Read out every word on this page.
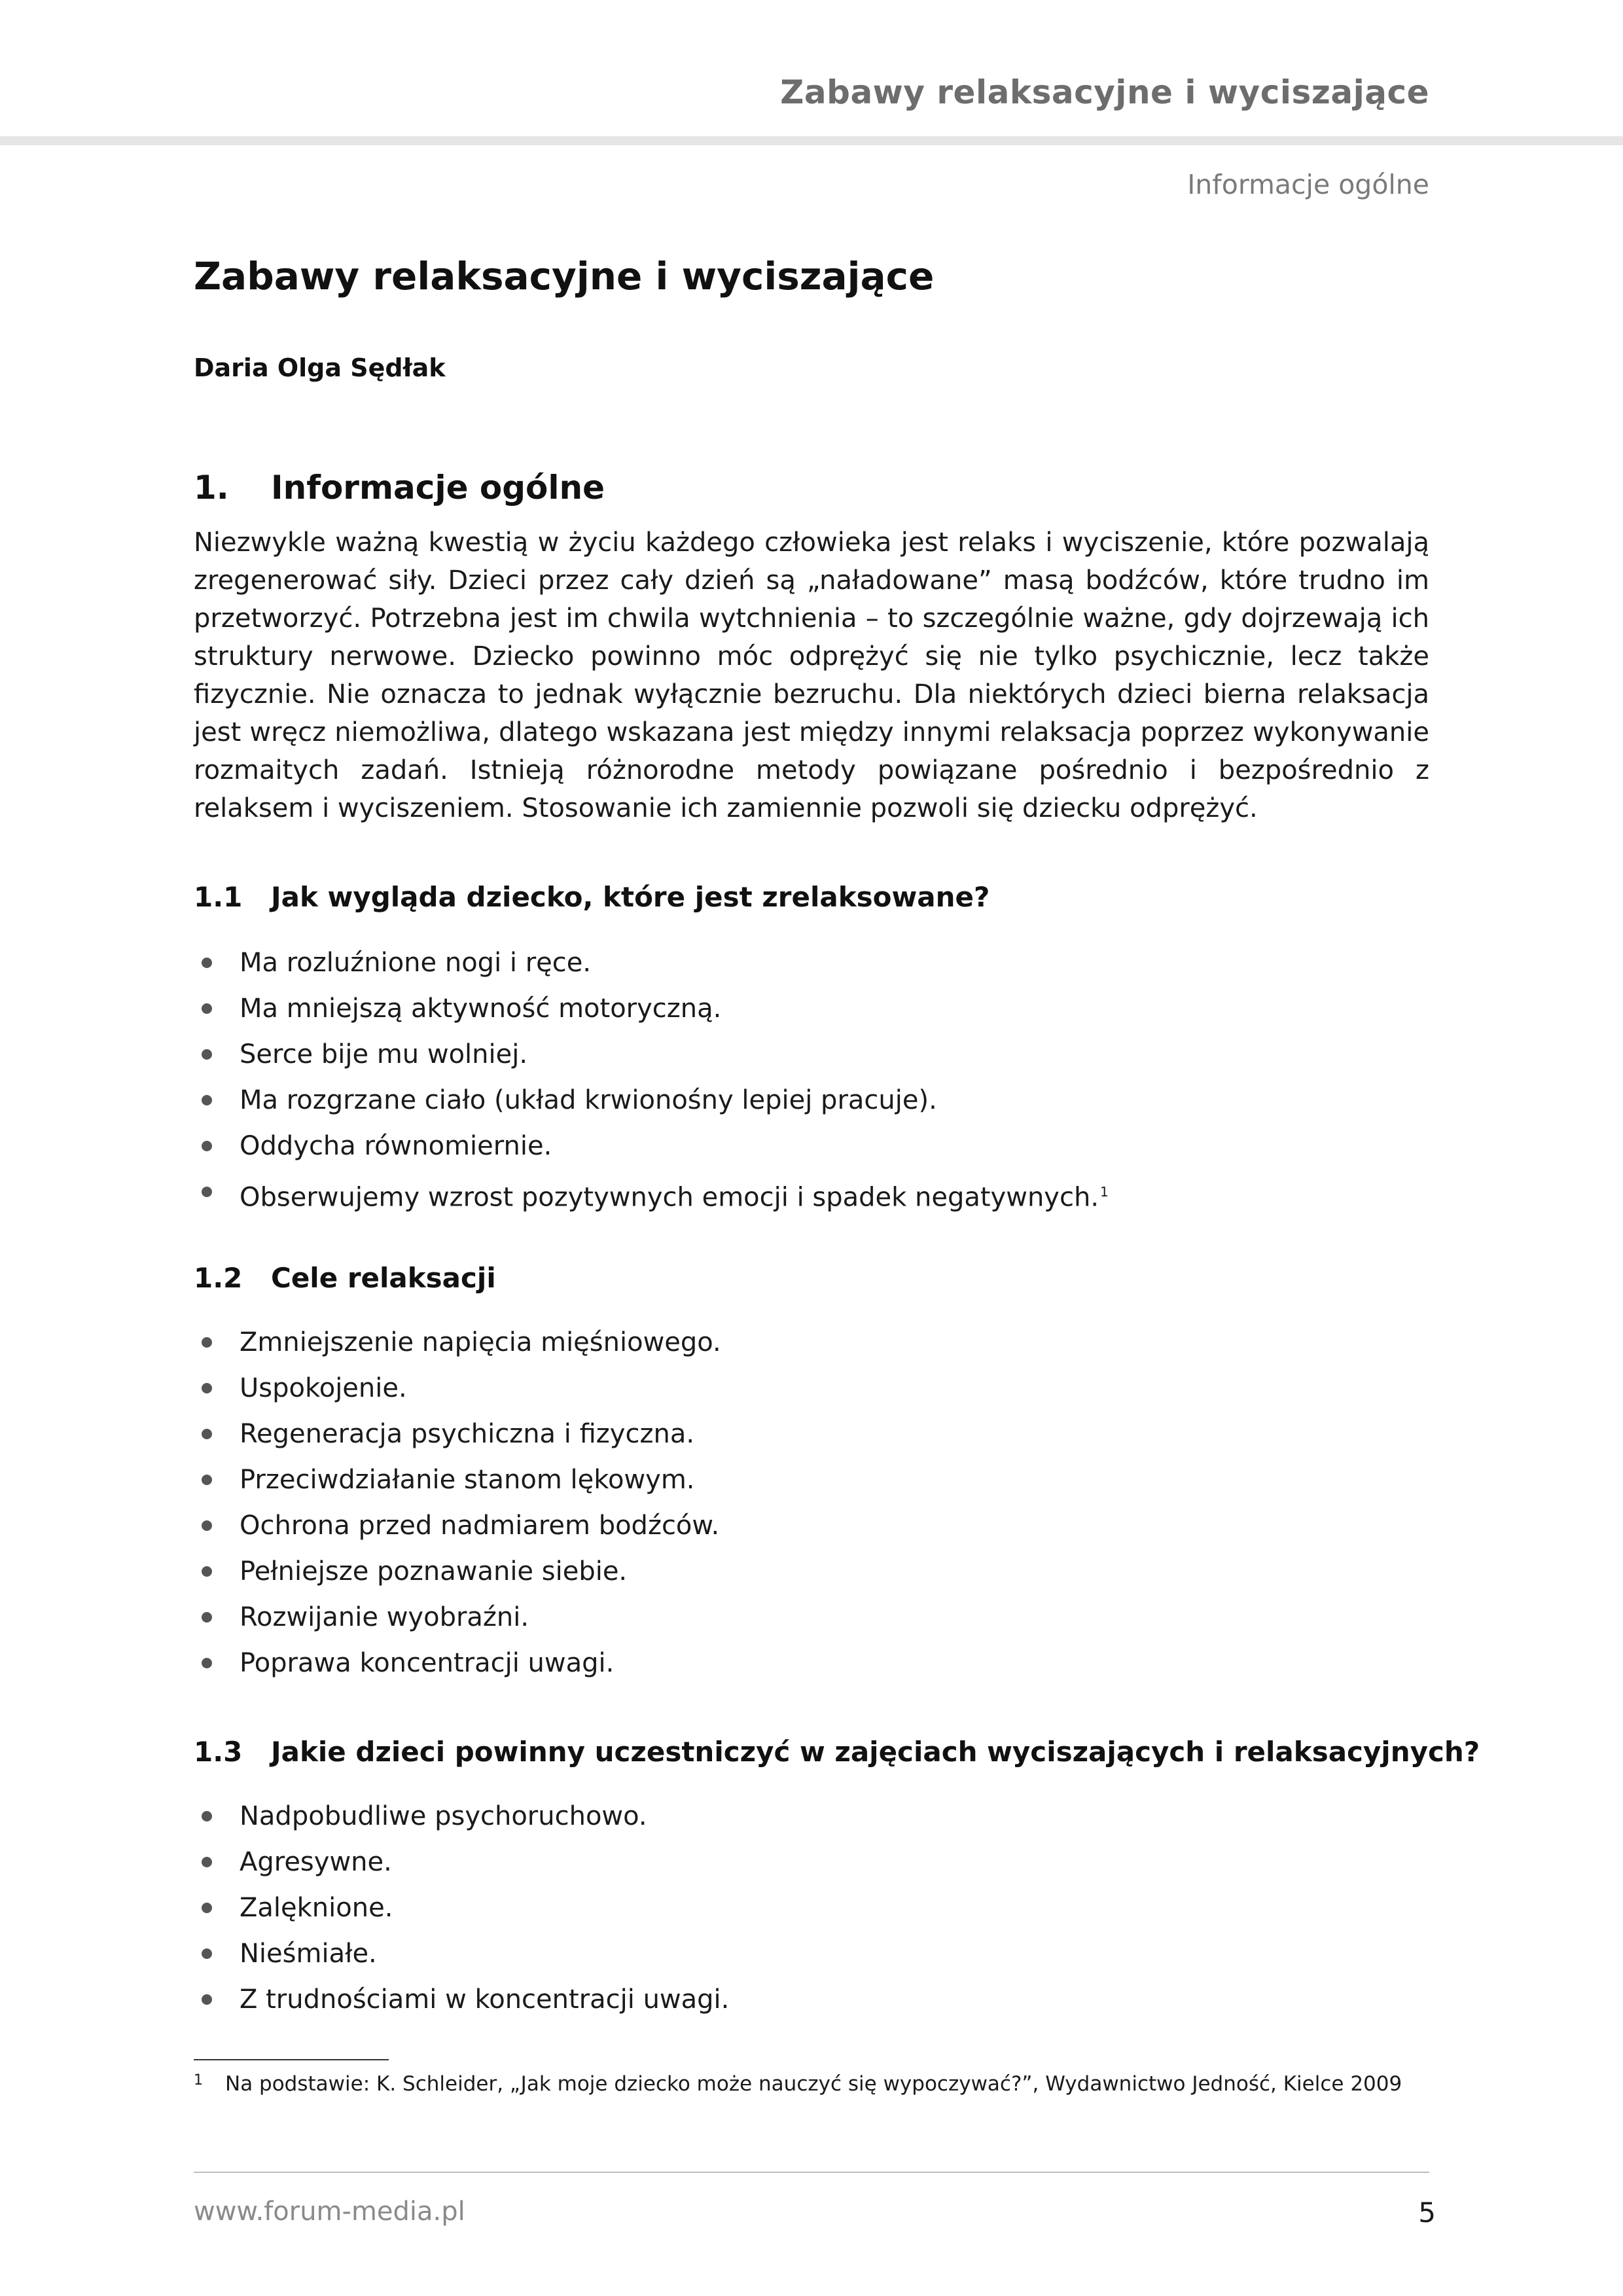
Zabawy relaksacyjne i wyciszające
Informacje ogólne
Zabawy relaksacyjne i wyciszające
Daria Olga Sędłak
1. Informacje ogólne
Niezwykle ważną kwestią w życiu każdego człowieka jest relaks i wyciszenie, które pozwalają zregenerować siły. Dzieci przez cały dzień są „naładowane” masą bodźców, które trudno im przetworzyć. Potrzebna jest im chwila wytchnienia – to szczególnie ważne, gdy dojrzewają ich struktury nerwowe. Dziecko powinno móc odprężyć się nie tylko psychicznie, lecz także fizycznie. Nie oznacza to jednak wyłącznie bezruchu. Dla niektórych dzieci bierna relaksacja jest wręcz niemożliwa, dlatego wskazana jest między innymi relaksacja poprzez wykonywanie rozmaitych zadań. Istnieją różnorodne metody powiązane pośrednio i bezpośrednio z relaksem i wyciszeniem. Stosowanie ich zamiennie pozwoli się dziecku odprężyć.
1.1 Jak wygląda dziecko, które jest zrelaksowane?
Ma rozluźnione nogi i ręce.
Ma mniejszą aktywność motoryczną.
Serce bije mu wolniej.
Ma rozgrzane ciało (układ krwionośny lepiej pracuje).
Oddycha równomiernie.
Obserwujemy wzrost pozytywnych emocji i spadek negatywnych. $^1$
1.2 Cele relaksacji
Zmniejszenie napięcia mięśniowego.
Uspokojenie.
Regeneracja psychiczna i fizyczna.
Przeciwdziałanie stanom lękowym.
Ochrona przed nadmiarem bodźców.
Pełniejsze poznawanie siebie.
Rozwijanie wyobraźni.
Poprawa koncentracji uwagi.
1.3 Jakie dzieci powinny uczestniczyć w zajęciach wyciszających i relaksacyjnych?
Nadpobudliwe psychoruchowo.
Agresywne.
Zalęknione.
Nieśmiałe.
Z trudnościami w koncentracji uwagi.
1 Na podstawie: K. Schleider, „Jak moje dziecko może nauczyć się wypoczywać?”, Wydawnictwo Jedność, Kielce 2009
www.forum-media.pl	5
